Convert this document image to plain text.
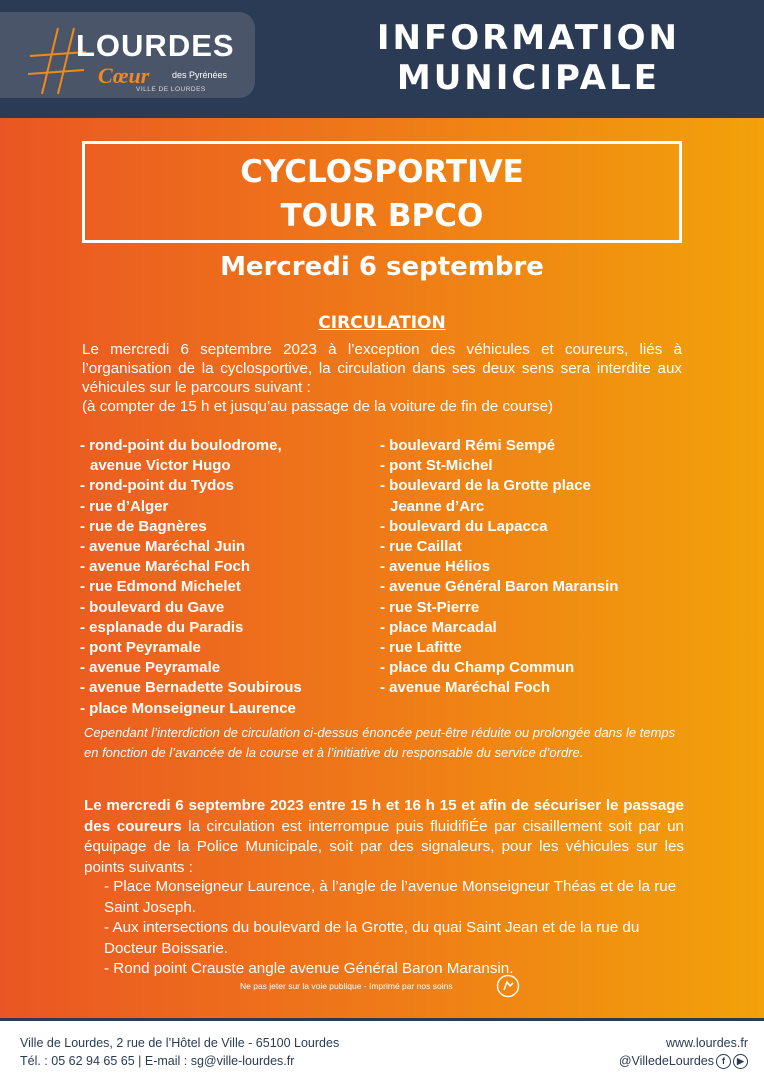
LOURDES
Cœur	des Pyrénées
VILLE DE LOURDES
INFORMATION
MUNICIPALE
CYCLOSPORTIVE
TOUR BPCO
Mercredi 6 septembre
CIRCULATION

Le mercredi 6 septembre 2023 à l’exception des véhicules et coureurs, liés à l’organisation de la cyclosportive, la circulation dans ses deux sens sera interdite aux véhicules sur le parcours suivant :

(à compter de 15 h et jusqu’au passage de la voiture de fin de course)

- rond-point du boulodrome,
avenue Victor Hugo
- rond-point du Tydos
- rue d’Alger
- rue de Bagnères
- avenue Maréchal Juin
- avenue Maréchal Foch
- rue Edmond Michelet
- boulevard du Gave
- esplanade du Paradis
- pont Peyramale
- avenue Peyramale
- avenue Bernadette Soubirous
- place Monseigneur Laurence
- boulevard Rémi Sempé
- pont St-Michel
- boulevard de la Grotte place
Jeanne d’Arc
- boulevard du Lapacca
- rue Caillat
- avenue Hélios
- avenue Général Baron Maransin
- rue St-Pierre
- place Marcadal
- rue Lafitte
- place du Champ Commun
- avenue Maréchal Foch
Cependant l’interdiction de circulation ci-dessus énoncée peut-être réduite ou prolongée dans le temps en fonction de l’avancée de la course et à l’initiative du responsable du service d’ordre.

Le mercredi 6 septembre 2023 entre 15 h et 16 h 15 et afin de sécuriser le passage des coureurs la circulation est interrompue puis fluidifiÉe par cisaillement soit par un équipage de la Police Municipale, soit par des signaleurs, pour les véhicules sur les points suivants :

- Place Monseigneur Laurence, à l’angle de l’avenue Monseigneur Théas et de la rue Saint Joseph.
- Aux intersections du boulevard de la Grotte, du quai Saint Jean et de la rue du Docteur Boissarie.
- Rond point Crauste angle avenue Général Baron Maransin.
Ne pas jeter sur la voie publique - Imprimé par nos soins
Ville de Lourdes, 2 rue de l’Hôtel de Ville - 65100 Lourdes
Tél. : 05 62 94 65 65 | E-mail : sg@ville-lourdes.fr
www.lourdes.fr
@VilledeLourdes f ▶
